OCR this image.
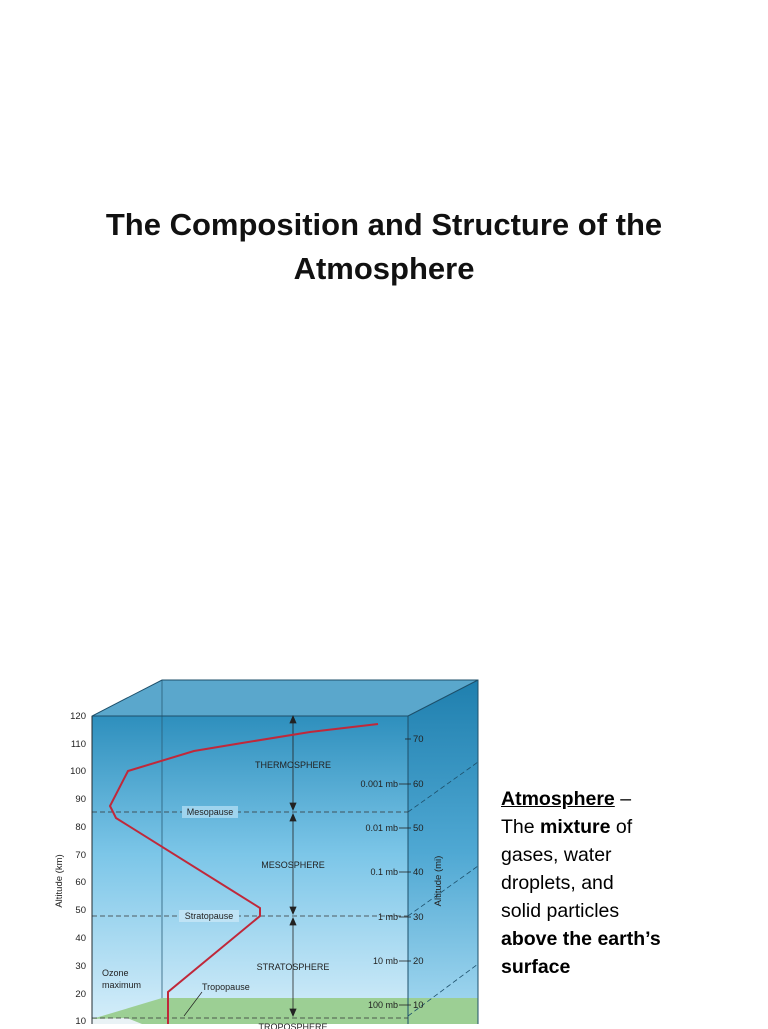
The Composition and Structure of the
Atmosphere
120
110
100
90
80
70
60
50
40
30
20
10
Altitude (km)
70
60
50
40
30
20
10
Altitude (mi)
0.001 mb
0.01 mb
0.1 mb
1 mb
10 mb
100 mb
THERMOSPHERE
MESOSPHERE
STRATOSPHERE
TROPOSPHERE
Mesopause
Stratopause
Tropopause
Ozone
maximum
Atmosphere –
The mixture of
gases, water
droplets, and
solid particles
above the earth’s
surface
